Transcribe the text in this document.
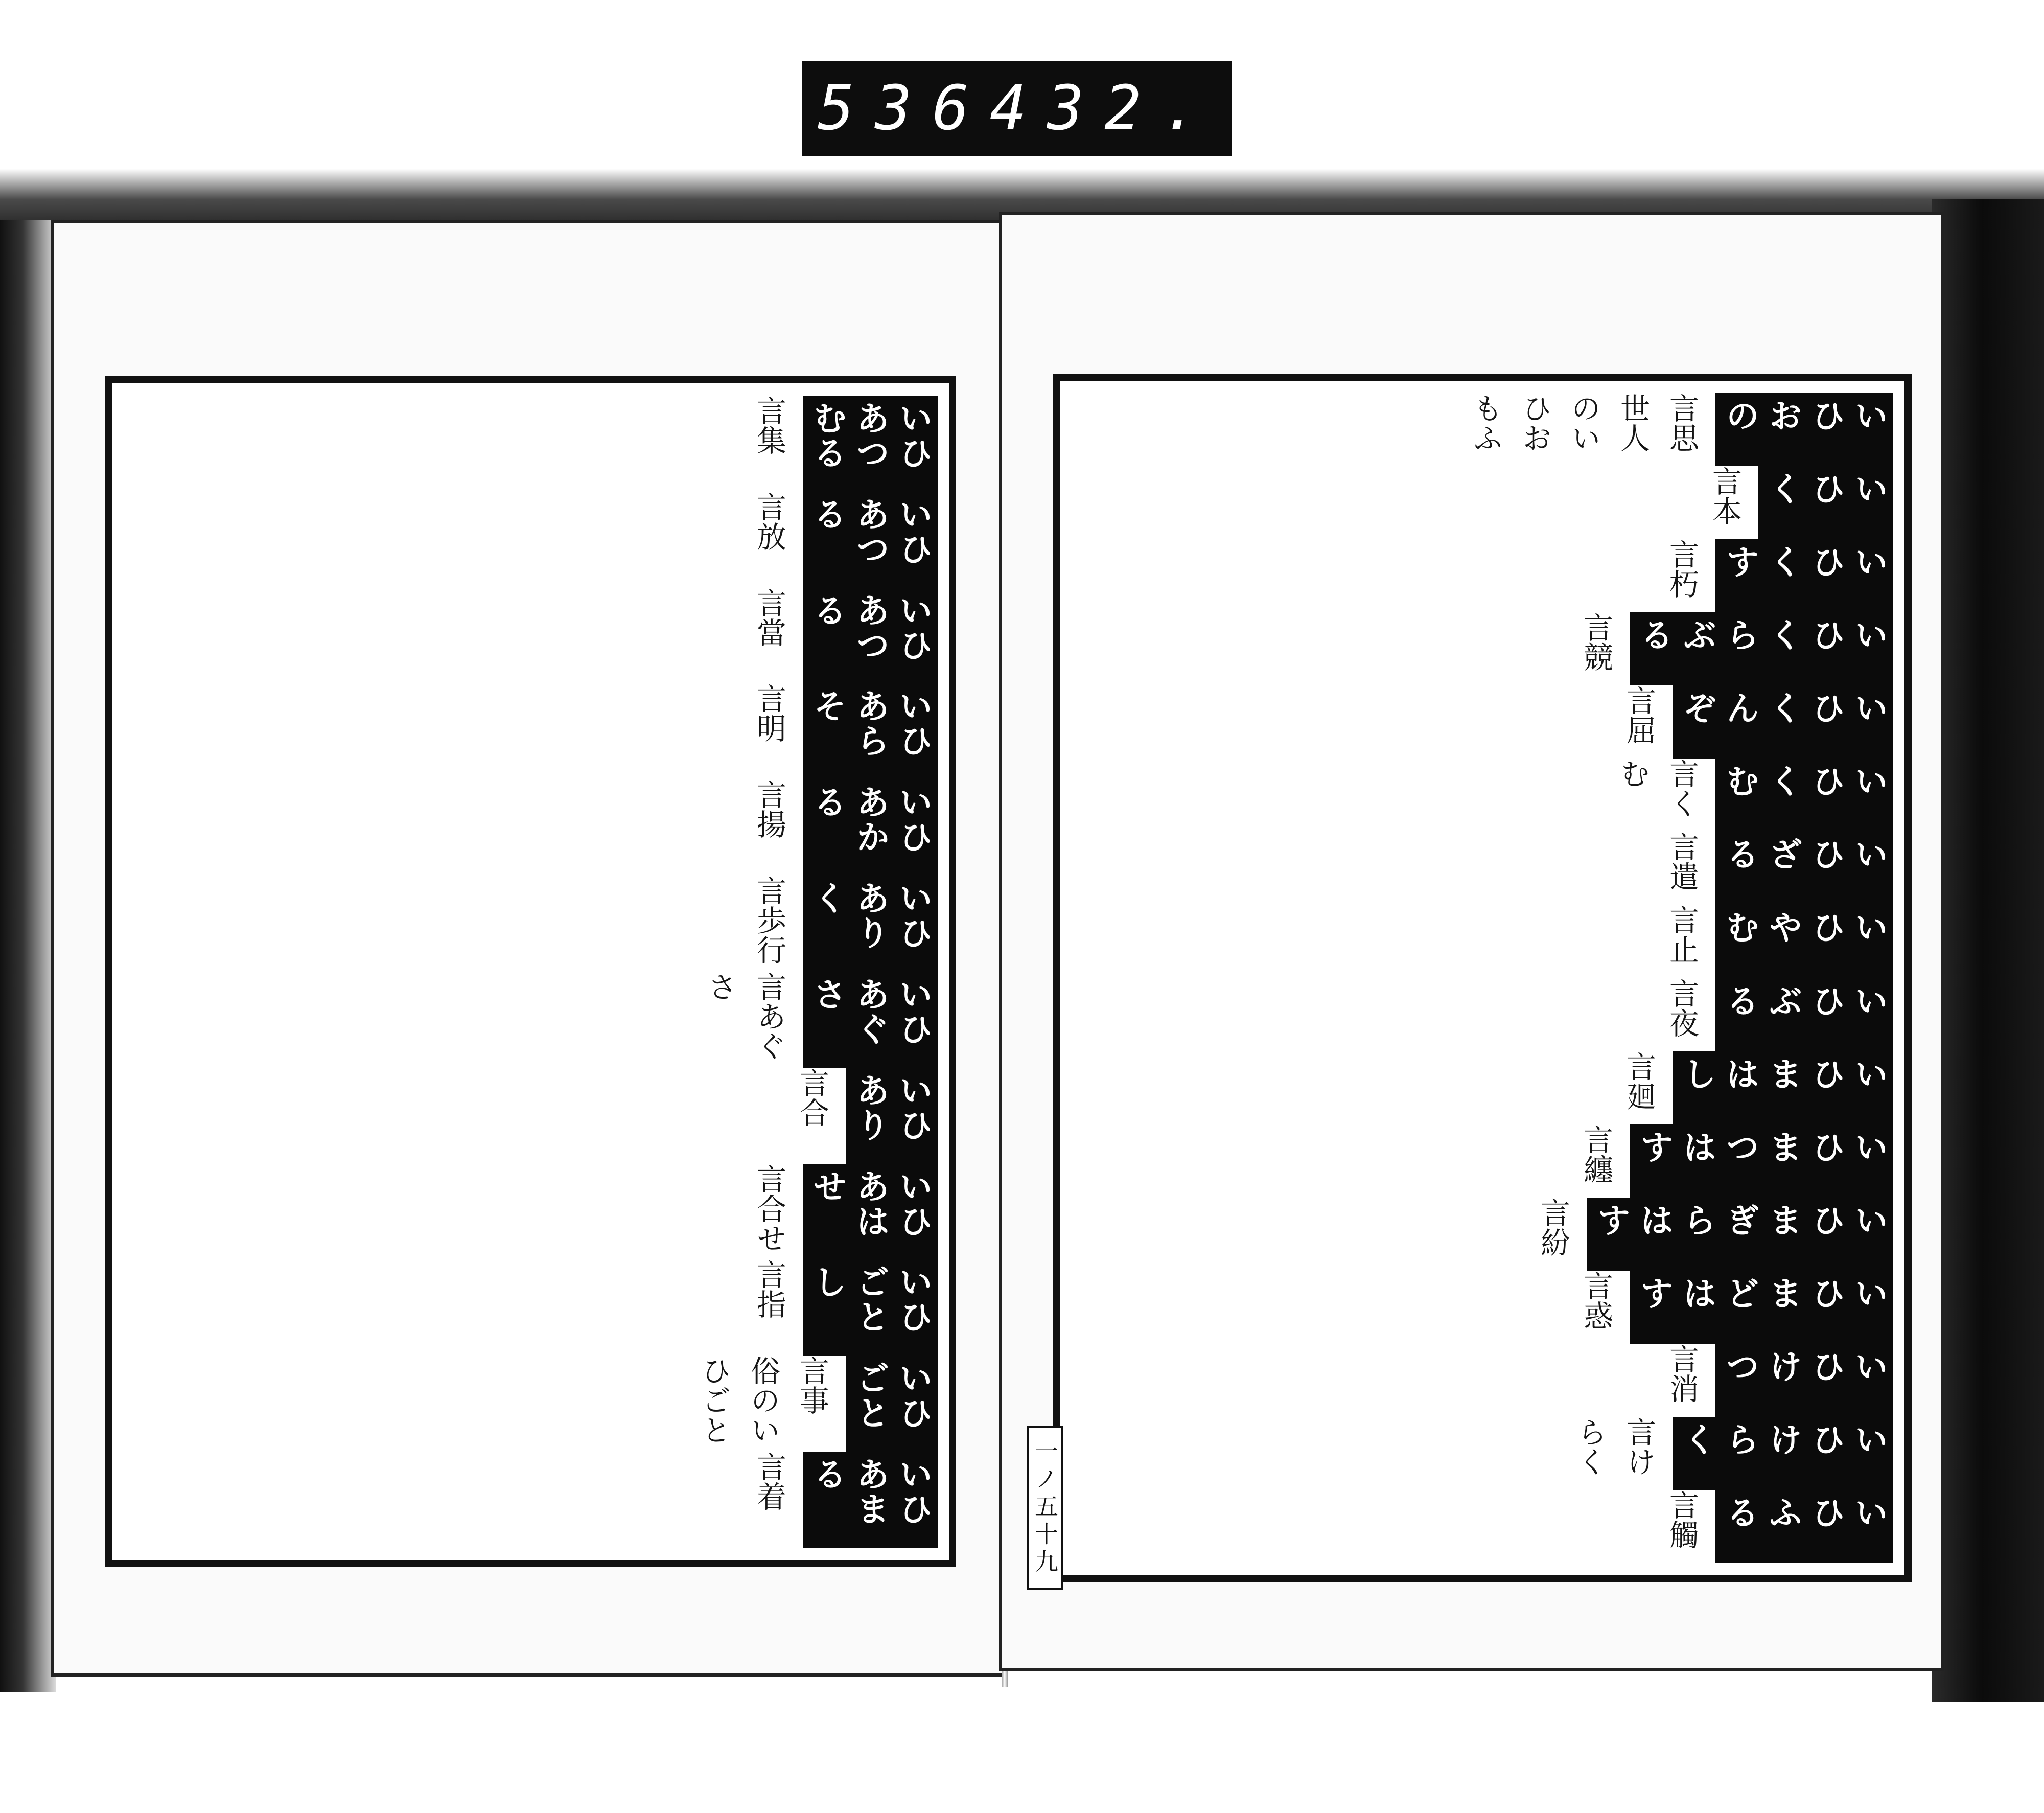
536 432.
いひあつむる言集
いひあつる言放
いひあつる言當
いひあらそ言明
いひあかる言揚
いひありく言歩行
いひあぐさ言あぐさ
いひあり言合
いひあはせ言合せ
いひごとし言指
いひごと言事 俗のいひごと
いひあまる言着
いひおの言思 世人のいひおもふ
いひく言本
いひくす言朽
いひくらぶる言競
いひくんぞ言屈
いひくむ言くむ
いひざる言遣
いひやむ言止
いひぶる言夜
いひまはし言廻
いひまつはす言纏
いひまぎらはす言紛
いひまどはす言惑
いひけつ言消
いひけらく言けらく
いひふる言觸
一ノ五十九
